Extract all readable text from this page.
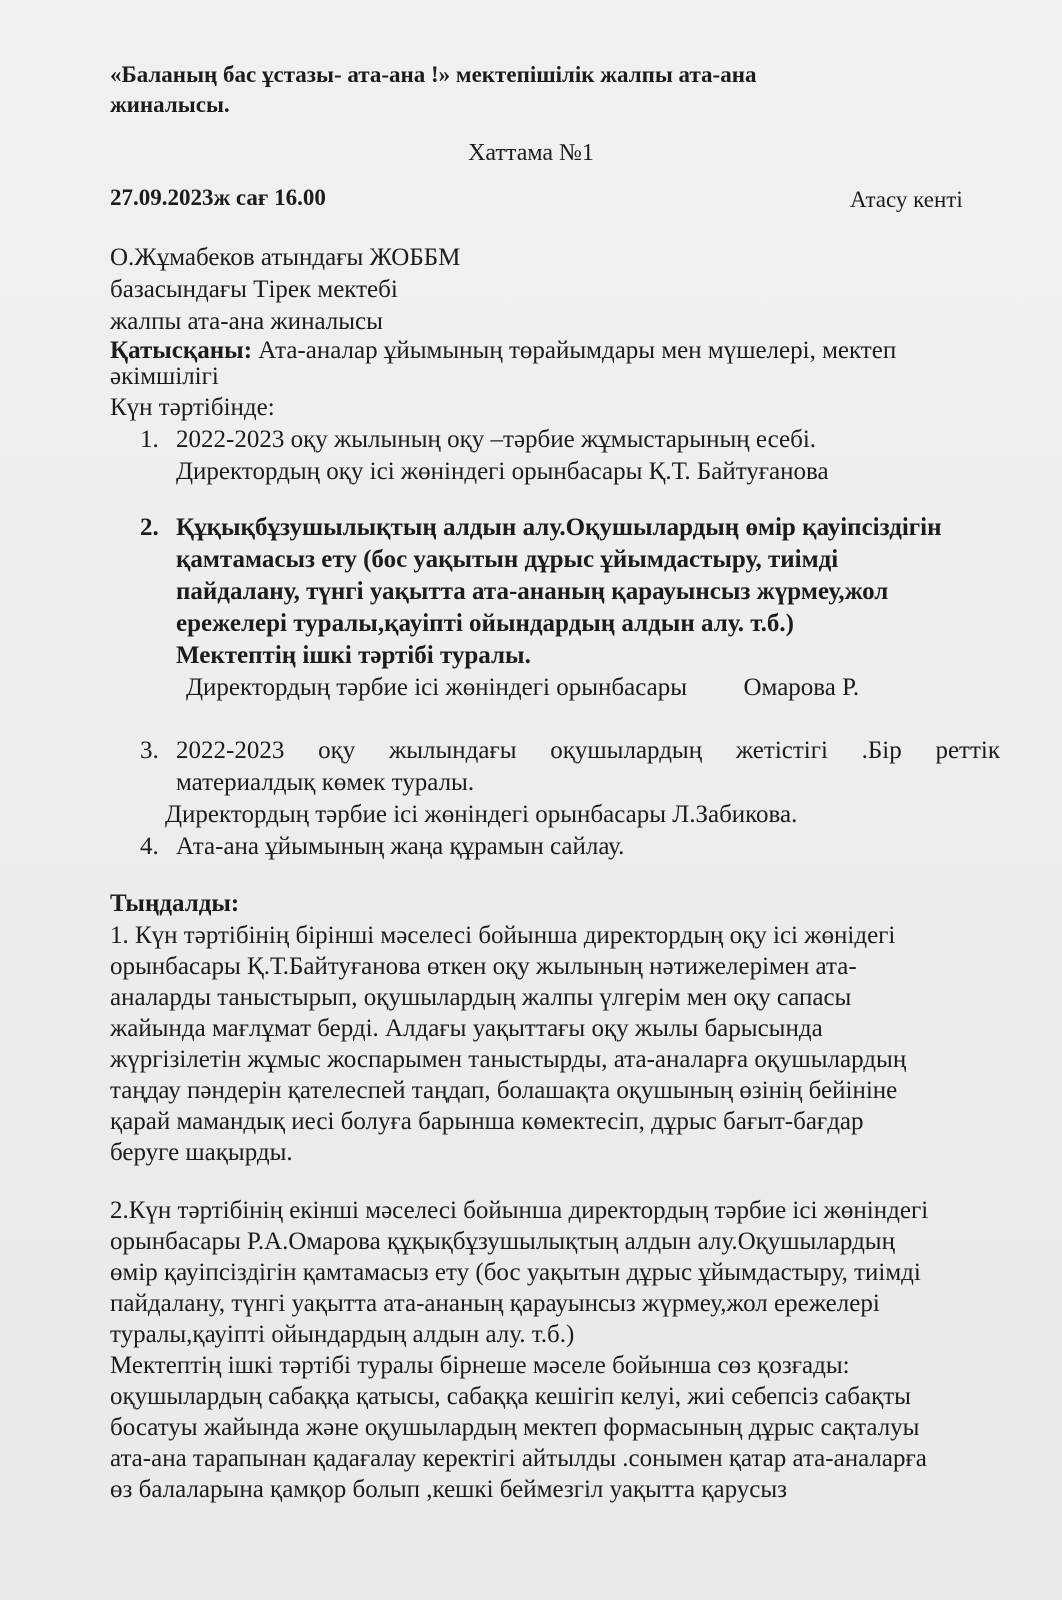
«Баланың бас ұстазы- ата-ана !» мектепішілік жалпы ата-ана
жиналысы.
Хаттама №1
27.09.2023ж сағ 16.00	Атасу кенті
О.Жұмабеков атындағы ЖОББМ
базасындағы Тірек мектебі
жалпы ата-ана жиналысы
Қатысқаны: Ата-аналар ұйымының төрайымдары мен мүшелері, мектеп
әкімшілігі
Күн тәртібінде:
1. 2022-2023 оқу жылының оқу –тәрбие жұмыстарының есебі.
Директордың оқу ісі жөніндегі орынбасары Қ.Т. Байтуғанова
2. Құқықбұзушылықтың алдын алу.Оқушылардың өмір қауіпсіздігін
қамтамасыз ету (бос уақытын дұрыс ұйымдастыру, тиімді
пайдалану, түнгі уақытта ата-ананың қарауынсыз жүрмеу,жол
ережелері туралы,қауіпті ойындардың алдын алу. т.б.)
Мектептің ішкі тәртібі туралы.
Директордың тәрбие ісі жөніндегі орынбасары Омарова Р.
3. 2022-2023 оқу жылындағы оқушылардың жетістігі .Бір реттік
материалдық көмек туралы.
Директордың тәрбие ісі жөніндегі орынбасары Л.Забикова.
4. Ата-ана ұйымының жаңа құрамын сайлау.
Тыңдалды:
1. Күн тәртібінің бірінші мәселесі бойынша директордың оқу ісі жөнідегі
орынбасары Қ.Т.Байтуғанова өткен оқу жылының нәтижелерімен ата-
аналарды таныстырып, оқушылардың жалпы үлгерім мен оқу сапасы
жайында мағлұмат берді. Алдағы уақыттағы оқу жылы барысында
жүргізілетін жұмыс жоспарымен таныстырды, ата-аналарға оқушылардың
таңдау пәндерін қателеспей таңдап, болашақта оқушының өзінің бейініне
қарай мамандық иесі болуға барынша көмектесіп, дұрыс бағыт-бағдар
беруге шақырды.
2.Күн тәртібінің екінші мәселесі бойынша директордың тәрбие ісі жөніндегі
орынбасары Р.А.Омарова құқықбұзушылықтың алдын алу.Оқушылардың
өмір қауіпсіздігін қамтамасыз ету (бос уақытын дұрыс ұйымдастыру, тиімді
пайдалану, түнгі уақытта ата-ананың қарауынсыз жүрмеу,жол ережелері
туралы,қауіпті ойындардың алдын алу. т.б.)
Мектептің ішкі тәртібі туралы бірнеше мәселе бойынша сөз қозғады:
оқушылардың сабаққа қатысы, сабаққа кешігіп келуі, жиі себепсіз сабақты
босатуы жайында және оқушылардың мектеп формасының дұрыс сақталуы
ата-ана тарапынан қадағалау керектігі айтылды .сонымен қатар ата-аналарға
өз балаларына қамқор болып ,кешкі беймезгіл уақытта қарусыз
